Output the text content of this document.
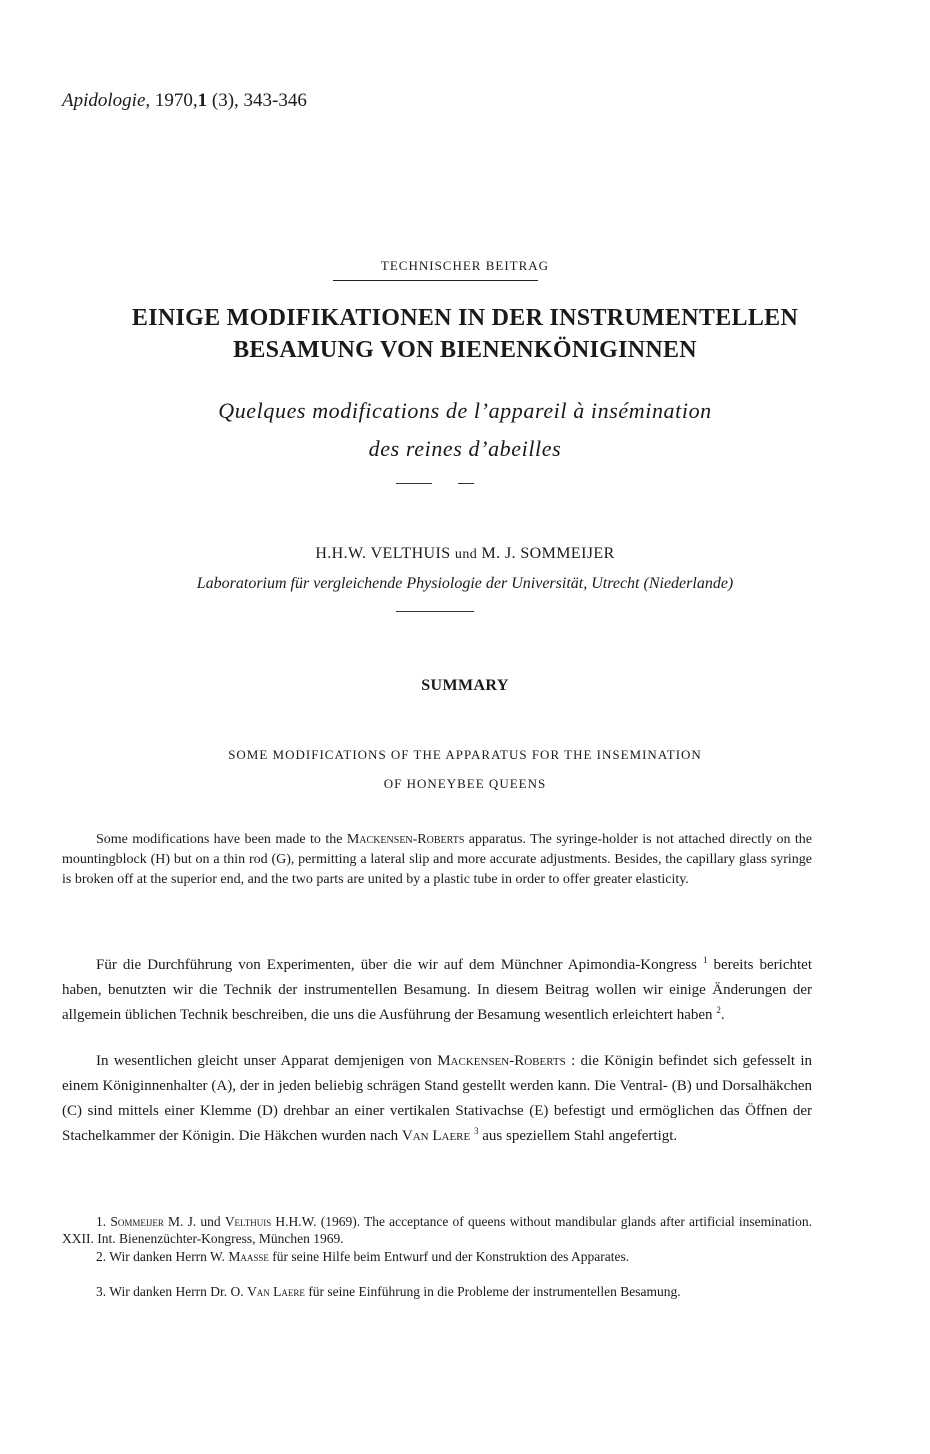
Apidologie, 1970,1 (3), 343-346
TECHNISCHER BEITRAG
EINIGE MODIFIKATIONEN IN DER INSTRUMENTELLEN
BESAMUNG VON BIENENKÖNIGINNEN
Quelques modifications de l’appareil à insémination
des reines d’abeilles
H.H.W. VELTHUIS und M. J. SOMMEIJER
Laboratorium für vergleichende Physiologie der Universität, Utrecht (Niederlande)
SUMMARY
SOME MODIFICATIONS OF THE APPARATUS FOR THE INSEMINATION
OF HONEYBEE QUEENS

Some modifications have been made to the Mackensen-Roberts apparatus. The syringe-holder is not attached directly on the mountingblock (H) but on a thin rod (G), permitting a lateral slip and more accurate adjustments. Besides, the capillary glass syringe is broken off at the superior end, and the two parts are united by a plastic tube in order to offer greater elasticity.

Für die Durchführung von Experimenten, über die wir auf dem Münchner Apimondia-Kongress $^1$ bereits berichtet haben, benutzten wir die Technik der instrumentellen Besamung. In diesem Beitrag wollen wir einige Änderungen der allgemein üblichen Technik beschreiben, die uns die Ausführung der Besamung wesentlich erleichtert haben $^2$.

In wesentlichen gleicht unser Apparat demjenigen von Mackensen-Roberts : die Königin befindet sich gefesselt in einem Königinnenhalter (A), der in jeden beliebig schrägen Stand gestellt werden kann. Die Ventral- (B) und Dorsalhäkchen (C) sind mittels einer Klemme (D) drehbar an einer vertikalen Stativachse (E) befestigt und ermöglichen das Öffnen der Stachelkammer der Königin. Die Häkchen wurden nach Van Laere $^3$ aus speziellem Stahl angefertigt.

1. Sommeijer M. J. und Velthuis H.H.W. (1969). The acceptance of queens without mandibular glands after artificial insemination. XXII. Int. Bienenzüchter-Kongress, München 1969.

2. Wir danken Herrn W. Maasse für seine Hilfe beim Entwurf und der Konstruktion des Apparates.

3. Wir danken Herrn Dr. O. Van Laere für seine Einführung in die Probleme der instrumentellen Besamung.
